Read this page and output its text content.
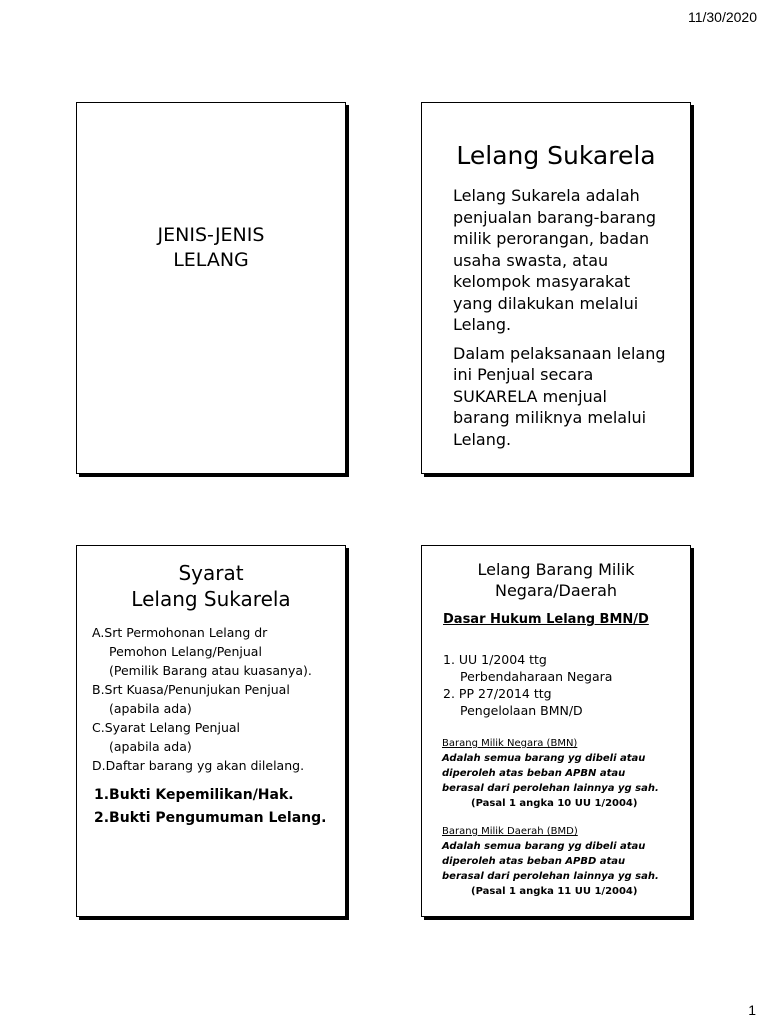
11/30/2020
JENIS-JENIS
LELANG
Lelang Sukarela

Lelang Sukarela adalah
penjualan barang-barang
milik perorangan, badan
usaha swasta, atau
kelompok masyarakat
yang dilakukan melalui
Lelang.

Dalam pelaksanaan lelang
ini Penjual secara
SUKARELA menjual
barang miliknya melalui
Lelang.

Syarat
Lelang Sukarela
A.Srt Permohonan Lelang dr
Pemohon Lelang/Penjual
(Pemilik Barang atau kuasanya).
B.Srt Kuasa/Penunjukan Penjual
(apabila ada)
C.Syarat Lelang Penjual
(apabila ada)
D.Daftar barang yg akan dilelang.
1.Bukti Kepemilikan/Hak.
2.Bukti Pengumuman Lelang.
Lelang Barang Milik
Negara/Daerah
Dasar Hukum Lelang BMN/D
1. UU 1/2004 ttg
Perbendaharaan Negara
2. PP 27/2014 ttg
Pengelolaan BMN/D
Barang Milik Negara (BMN)
Adalah semua barang yg dibeli atau
diperoleh atas beban APBN atau
berasal dari perolehan lainnya yg sah.
(Pasal 1 angka 10 UU 1/2004)
Barang Milik Daerah (BMD)
Adalah semua barang yg dibeli atau
diperoleh atas beban APBD atau
berasal dari perolehan lainnya yg sah.
(Pasal 1 angka 11 UU 1/2004)
1
